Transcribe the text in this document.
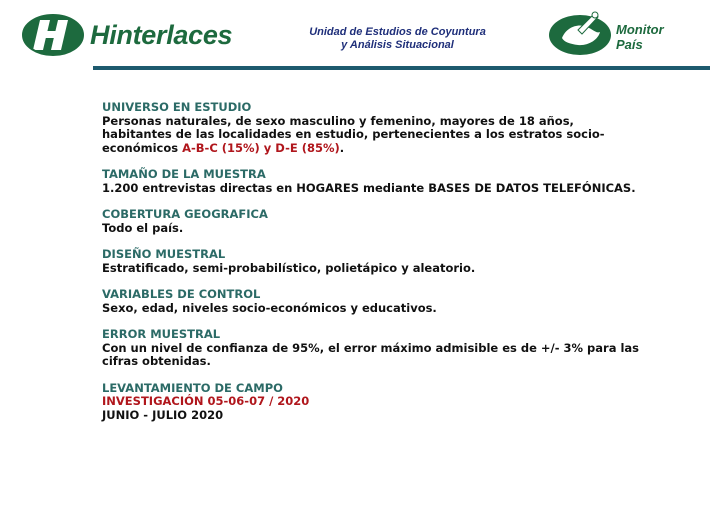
Hinterlaces	Unidad de Estudios de Coyuntura
y Análisis Situacional
Monitor
País
UNIVERSO EN ESTUDIO
Personas naturales, de sexo masculino y femenino, mayores de 18 años, habitantes de las localidades en estudio, pertenecientes a los estratos socio-económicos A-B-C (15%) y D-E (85%).
TAMAÑO DE LA MUESTRA
1.200 entrevistas directas en HOGARES mediante BASES DE DATOS TELEFÓNICAS.
COBERTURA GEOGRAFICA
Todo el país.
DISEÑO MUESTRAL
Estratificado, semi-probabilístico, polietápico y aleatorio.
VARIABLES DE CONTROL
Sexo, edad, niveles socio-económicos y educativos.
ERROR MUESTRAL
Con un nivel de confianza de 95%, el error máximo admisible es de +/- 3% para las cifras obtenidas.
LEVANTAMIENTO DE CAMPO
INVESTIGACIÓN 05-06-07 / 2020
JUNIO - JULIO 2020
